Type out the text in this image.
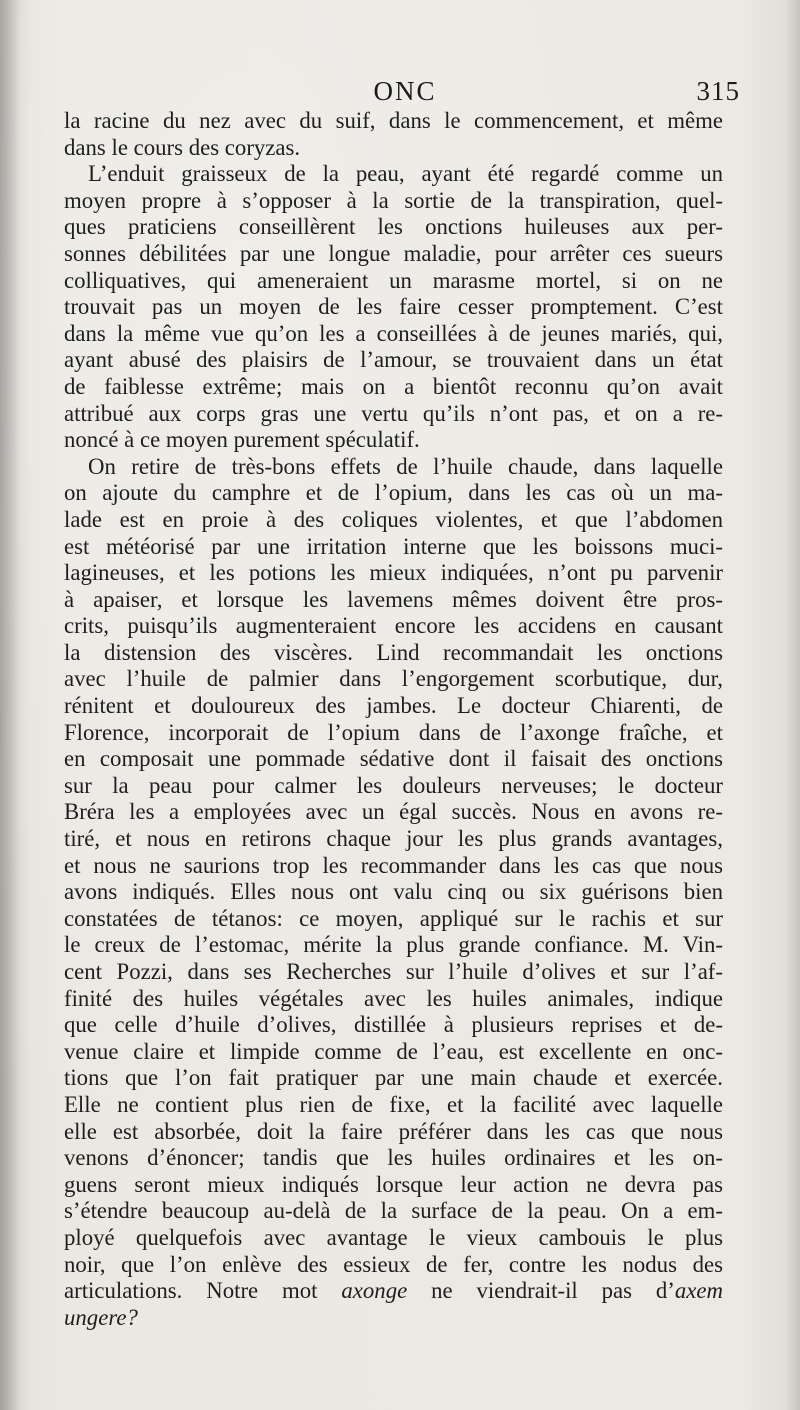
ONC	315
la racine du nez avec du suif, dans le commencement, et même
dans le cours des coryzas.
L’enduit graisseux de la peau, ayant été regardé comme un
moyen propre à s’opposer à la sortie de la transpiration, quel-
ques praticiens conseillèrent les onctions huileuses aux per-
sonnes débilitées par une longue maladie, pour arrêter ces sueurs
colliquatives, qui ameneraient un marasme mortel, si on ne
trouvait pas un moyen de les faire cesser promptement. C’est
dans la même vue qu’on les a conseillées à de jeunes mariés, qui,
ayant abusé des plaisirs de l’amour, se trouvaient dans un état
de faiblesse extrême; mais on a bientôt reconnu qu’on avait
attribué aux corps gras une vertu qu’ils n’ont pas, et on a re-
noncé à ce moyen purement spéculatif.
On retire de très-bons effets de l’huile chaude, dans laquelle
on ajoute du camphre et de l’opium, dans les cas où un ma-
lade est en proie à des coliques violentes, et que l’abdomen
est météorisé par une irritation interne que les boissons muci-
lagineuses, et les potions les mieux indiquées, n’ont pu parvenir
à apaiser, et lorsque les lavemens mêmes doivent être pros-
crits, puisqu’ils augmenteraient encore les accidens en causant
la distension des viscères. Lind recommandait les onctions
avec l’huile de palmier dans l’engorgement scorbutique, dur,
rénitent et douloureux des jambes. Le docteur Chiarenti, de
Florence, incorporait de l’opium dans de l’axonge fraîche, et
en composait une pommade sédative dont il faisait des onctions
sur la peau pour calmer les douleurs nerveuses; le docteur
Bréra les a employées avec un égal succès. Nous en avons re-
tiré, et nous en retirons chaque jour les plus grands avantages,
et nous ne saurions trop les recommander dans les cas que nous
avons indiqués. Elles nous ont valu cinq ou six guérisons bien
constatées de tétanos: ce moyen, appliqué sur le rachis et sur
le creux de l’estomac, mérite la plus grande confiance. M. Vin-
cent Pozzi, dans ses Recherches sur l’huile d’olives et sur l’af-
finité des huiles végétales avec les huiles animales, indique
que celle d’huile d’olives, distillée à plusieurs reprises et de-
venue claire et limpide comme de l’eau, est excellente en onc-
tions que l’on fait pratiquer par une main chaude et exercée.
Elle ne contient plus rien de fixe, et la facilité avec laquelle
elle est absorbée, doit la faire préférer dans les cas que nous
venons d’énoncer; tandis que les huiles ordinaires et les on-
guens seront mieux indiqués lorsque leur action ne devra pas
s’étendre beaucoup au-delà de la surface de la peau. On a em-
ployé quelquefois avec avantage le vieux cambouis le plus
noir, que l’on enlève des essieux de fer, contre les nodus des
articulations. Notre mot axonge ne viendrait-il pas d’axem
ungere?
